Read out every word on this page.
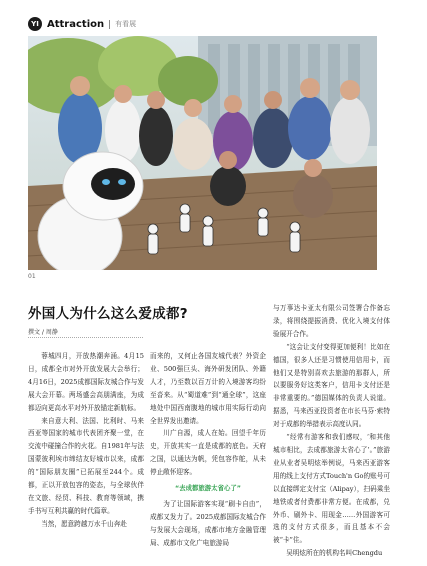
YI Attraction 有看展
01
外国人为什么这么爱成都?
撰文 / 周静

蓉城四月，开放热潮奔涌。4月15日，成都全市对外开放发展大会举行；4月16日，2025成都国际友城合作与发展大会开幕。两场盛会高朋满座，为成都迈向更高水平对外开放锚定新航标。

来自意大利、法国、比利时、马来西亚等国家的城市代表团齐聚一堂，在交流中碰撞合作的火花。自1981年与法国蒙彼利埃市缔结友好城市以来，成都的“国际朋友圈”已拓展至244个。成都，正以开放包容的姿态，与全球伙伴在文旅、经贸、科技、教育等领域，携手书写互利共赢的时代篇章。

当然，愿意跨越万水千山奔赴

而来的，又何止各国友城代表？外资企业、500强巨头、海外研发团队、外籍人才，乃至数以百万计的入境游客均纷至沓来。从“蜀道难”到“通全球”，这座地处中国西南腹地的城市用实际行动向全世界发出邀请。

川广自源，成人在始。回望千年历史，开放其实一直是成都的底色。天府之国，以通达为帆，凭包容作舵，从未停止敞怀迎客。

“去成都旅游太省心了”

为了让国际游客实现“刷卡自由”，成都又发力了。2025成都国际友城合作与发展大会现场，成都市地方金融管理局、成都市文化广电旅游局

与万事达卡亚太有限公司签署合作备忘录，将围绕提振消费、优化入境支付体验展开合作。

“这会让支付变得更加便利！比如在德国，很多人还是习惯使用信用卡，而他们又是特别喜欢去旅游的那群人，所以要服务好这类客户，信用卡支付还是非常重要的。”德国媒体的负责人说道。据悉，马来西亚投资者在市长马芬·索特对于成都的举措表示高度认同。

“经常有游客和我们感叹，‘和其他城市相比，去成都旅游太省心了’。”旅游业从业者吴明炫举例说，马来西亚游客用的线上支付方式Touch'n Go的账号可以直接绑定支付宝（Alipay），扫码乘坐地铁或者付费都非常方便。在成都，兑外币、刷外卡、用现金……外国游客可选的支付方式很多，而且基本不会被“卡”住。

吴明炫所在的机构名叫Chengdu
